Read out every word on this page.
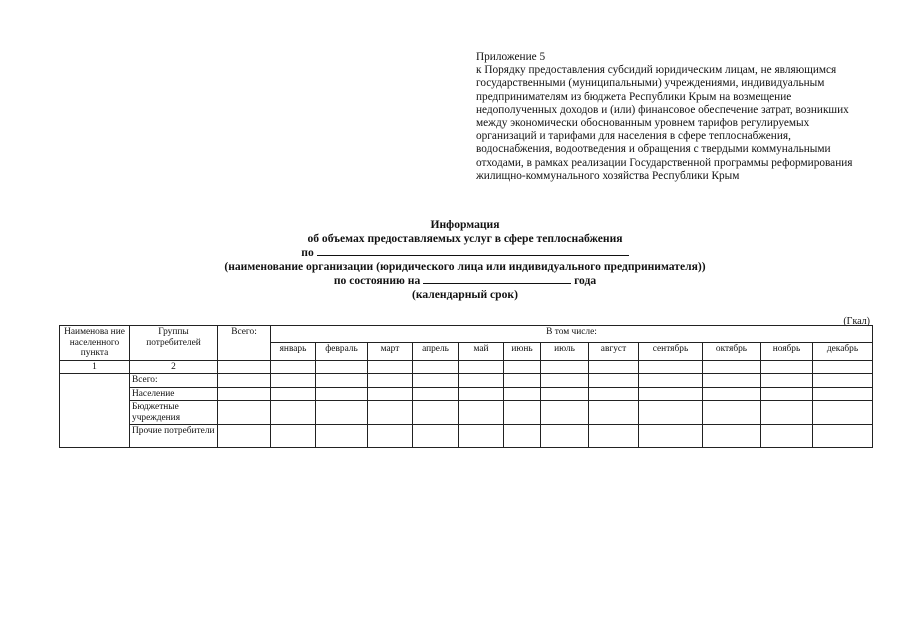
Приложение 5
к Порядку предоставления субсидий юридическим лицам, не являющимся
государственными (муниципальными) учреждениями, индивидуальным
предпринимателям из бюджета Республики Крым на возмещение
недополученных доходов и (или) финансовое обеспечение затрат, возникших
между экономически обоснованным уровнем тарифов регулируемых
организаций и тарифами для населения в сфере теплоснабжения,
водоснабжения, водоотведения и обращения с твердыми коммунальными
отходами, в рамках реализации Государственной программы реформирования
жилищно-коммунального хозяйства Республики Крым
Информация
об объемах предоставляемых услуг в сфере теплоснабжения
по
(наименование организации (юридического лица или индивидуального предпринимателя))
по состоянию на	года
(календарный срок)
(Гкал)
Наименова ние населенного пункта	Группы потребителей	Всего:	В том числе:											
			январь	февраль	март	апрель	май	июнь	июль	август	сентябрь	октябрь	ноябрь	декабрь
1	2													
	Всего:													
	Население													
	Бюджетные учреждения													
	Прочие потребители													
